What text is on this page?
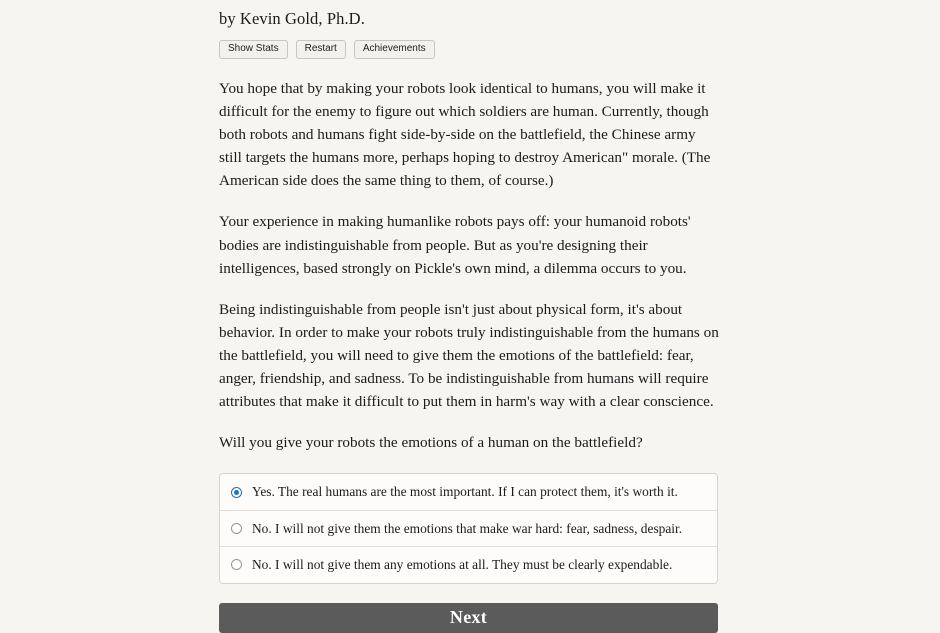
by Kevin Gold, Ph.D.
Show Stats	Restart	Achievements

You hope that by making your robots look identical to humans, you will make it difficult for the enemy to figure out which soldiers are human. Currently, though both robots and humans fight side-by-side on the battlefield, the Chinese army still targets the humans more, perhaps hoping to destroy American" morale. (The American side does the same thing to them, of course.)

Your experience in making humanlike robots pays off: your humanoid robots' bodies are indistinguishable from people. But as you're designing their intelligences, based strongly on Pickle's own mind, a dilemma occurs to you.

Being indistinguishable from people isn't just about physical form, it's about behavior. In order to make your robots truly indistinguishable from the humans on the battlefield, you will need to give them the emotions of the battlefield: fear, anger, friendship, and sadness. To be indistinguishable from humans will require attributes that make it difficult to put them in harm's way with a clear conscience.

Will you give your robots the emotions of a human on the battlefield?

Yes. The real humans are the most important. If I can protect them, it's worth it.
No. I will not give them the emotions that make war hard: fear, sadness, despair.
No. I will not give them any emotions at all. They must be clearly expendable.
Next
